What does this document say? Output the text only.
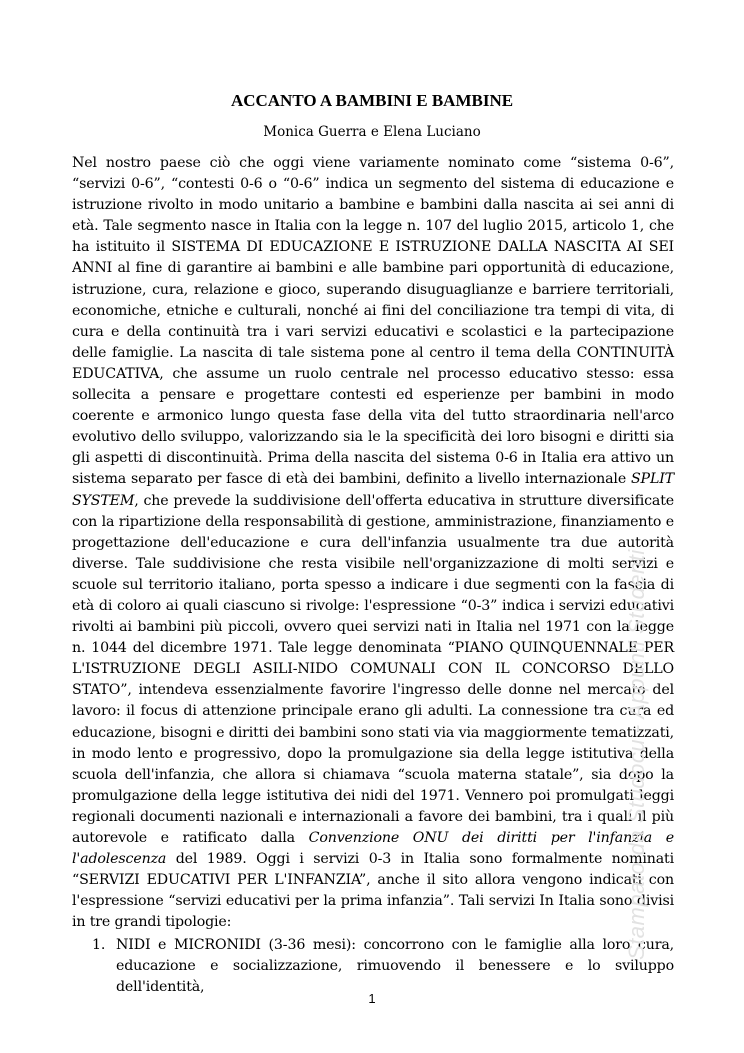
ACCANTO A BAMBINI E BAMBINE

Monica Guerra e Elena Luciano

Nel nostro paese ciò che oggi viene variamente nominato come “sistema 0-6”, “servizi 0-6”, “contesti 0-6 o “0-6” indica un segmento del sistema di educazione e istruzione rivolto in modo unitario a bambine e bambini dalla nascita ai sei anni di età. Tale segmento nasce in Italia con la legge n. 107 del luglio 2015, articolo 1, che ha istituito il SISTEMA DI EDUCAZIONE E ISTRUZIONE DALLA NASCITA AI SEI ANNI al fine di garantire ai bambini e alle bambine pari opportunità di educazione, istruzione, cura, relazione e gioco, superando disuguaglianze e barriere territoriali, economiche, etniche e culturali, nonché ai fini del conciliazione tra tempi di vita, di cura e della continuità tra i vari servizi educativi e scolastici e la partecipazione delle famiglie. La nascita di tale sistema pone al centro il tema della CONTINUITÀ EDUCATIVA, che assume un ruolo centrale nel processo educativo stesso: essa sollecita a pensare e progettare contesti ed esperienze per bambini in modo coerente e armonico lungo questa fase della vita del tutto straordinaria nell'arco evolutivo dello sviluppo, valorizzando sia le la specificità dei loro bisogni e diritti sia gli aspetti di discontinuità. Prima della nascita del sistema 0-6 in Italia era attivo un sistema separato per fasce di età dei bambini, definito a livello internazionale SPLIT SYSTEM, che prevede la suddivisione dell'offerta educativa in strutture diversificate con la ripartizione della responsabilità di gestione, amministrazione, finanziamento e progettazione dell'educazione e cura dell'infanzia usualmente tra due autorità diverse. Tale suddivisione che resta visibile nell'organizzazione di molti servizi e scuole sul territorio italiano, porta spesso a indicare i due segmenti con la fascia di età di coloro ai quali ciascuno si rivolge: l'espressione “0-3” indica i servizi educativi rivolti ai bambini più piccoli, ovvero quei servizi nati in Italia nel 1971 con la legge n. 1044 del dicembre 1971. Tale legge denominata “PIANO QUINQUENNALE PER L'ISTRUZIONE DEGLI ASILI-NIDO COMUNALI CON IL CONCORSO DELLO STATO”, intendeva essenzialmente favorire l'ingresso delle donne nel mercato del lavoro: il focus di attenzione principale erano gli adulti. La connessione tra cura ed educazione, bisogni e diritti dei bambini sono stati via via maggiormente tematizzati, in modo lento e progressivo, dopo la promulgazione sia della legge istitutiva della scuola dell'infanzia, che allora si chiamava “scuola materna statale”, sia dopo la promulgazione della legge istitutiva dei nidi del 1971. Vennero poi promulgati leggi regionali documenti nazionali e internazionali a favore dei bambini, tra i quali il più autorevole e ratificato dalla Convenzione ONU dei diritti per l'infanzia e l'adolescenza del 1989. Oggi i servizi 0-3 in Italia sono formalmente nominati “SERVIZI EDUCATIVI PER L'INFANZIA”, anche il sito allora vengono indicati con l'espressione “servizi educativi per la prima infanzia”. Tali servizi In Italia sono divisi in tre grandi tipologie:

1. NIDI e MICRONIDI (3-36 mesi): concorrono con le famiglie alla loro cura, educazione e socializzazione, rimuovendo il benessere e lo sviluppo dell'identità,
1
Stampato da Studocu - Appunti Studenti
